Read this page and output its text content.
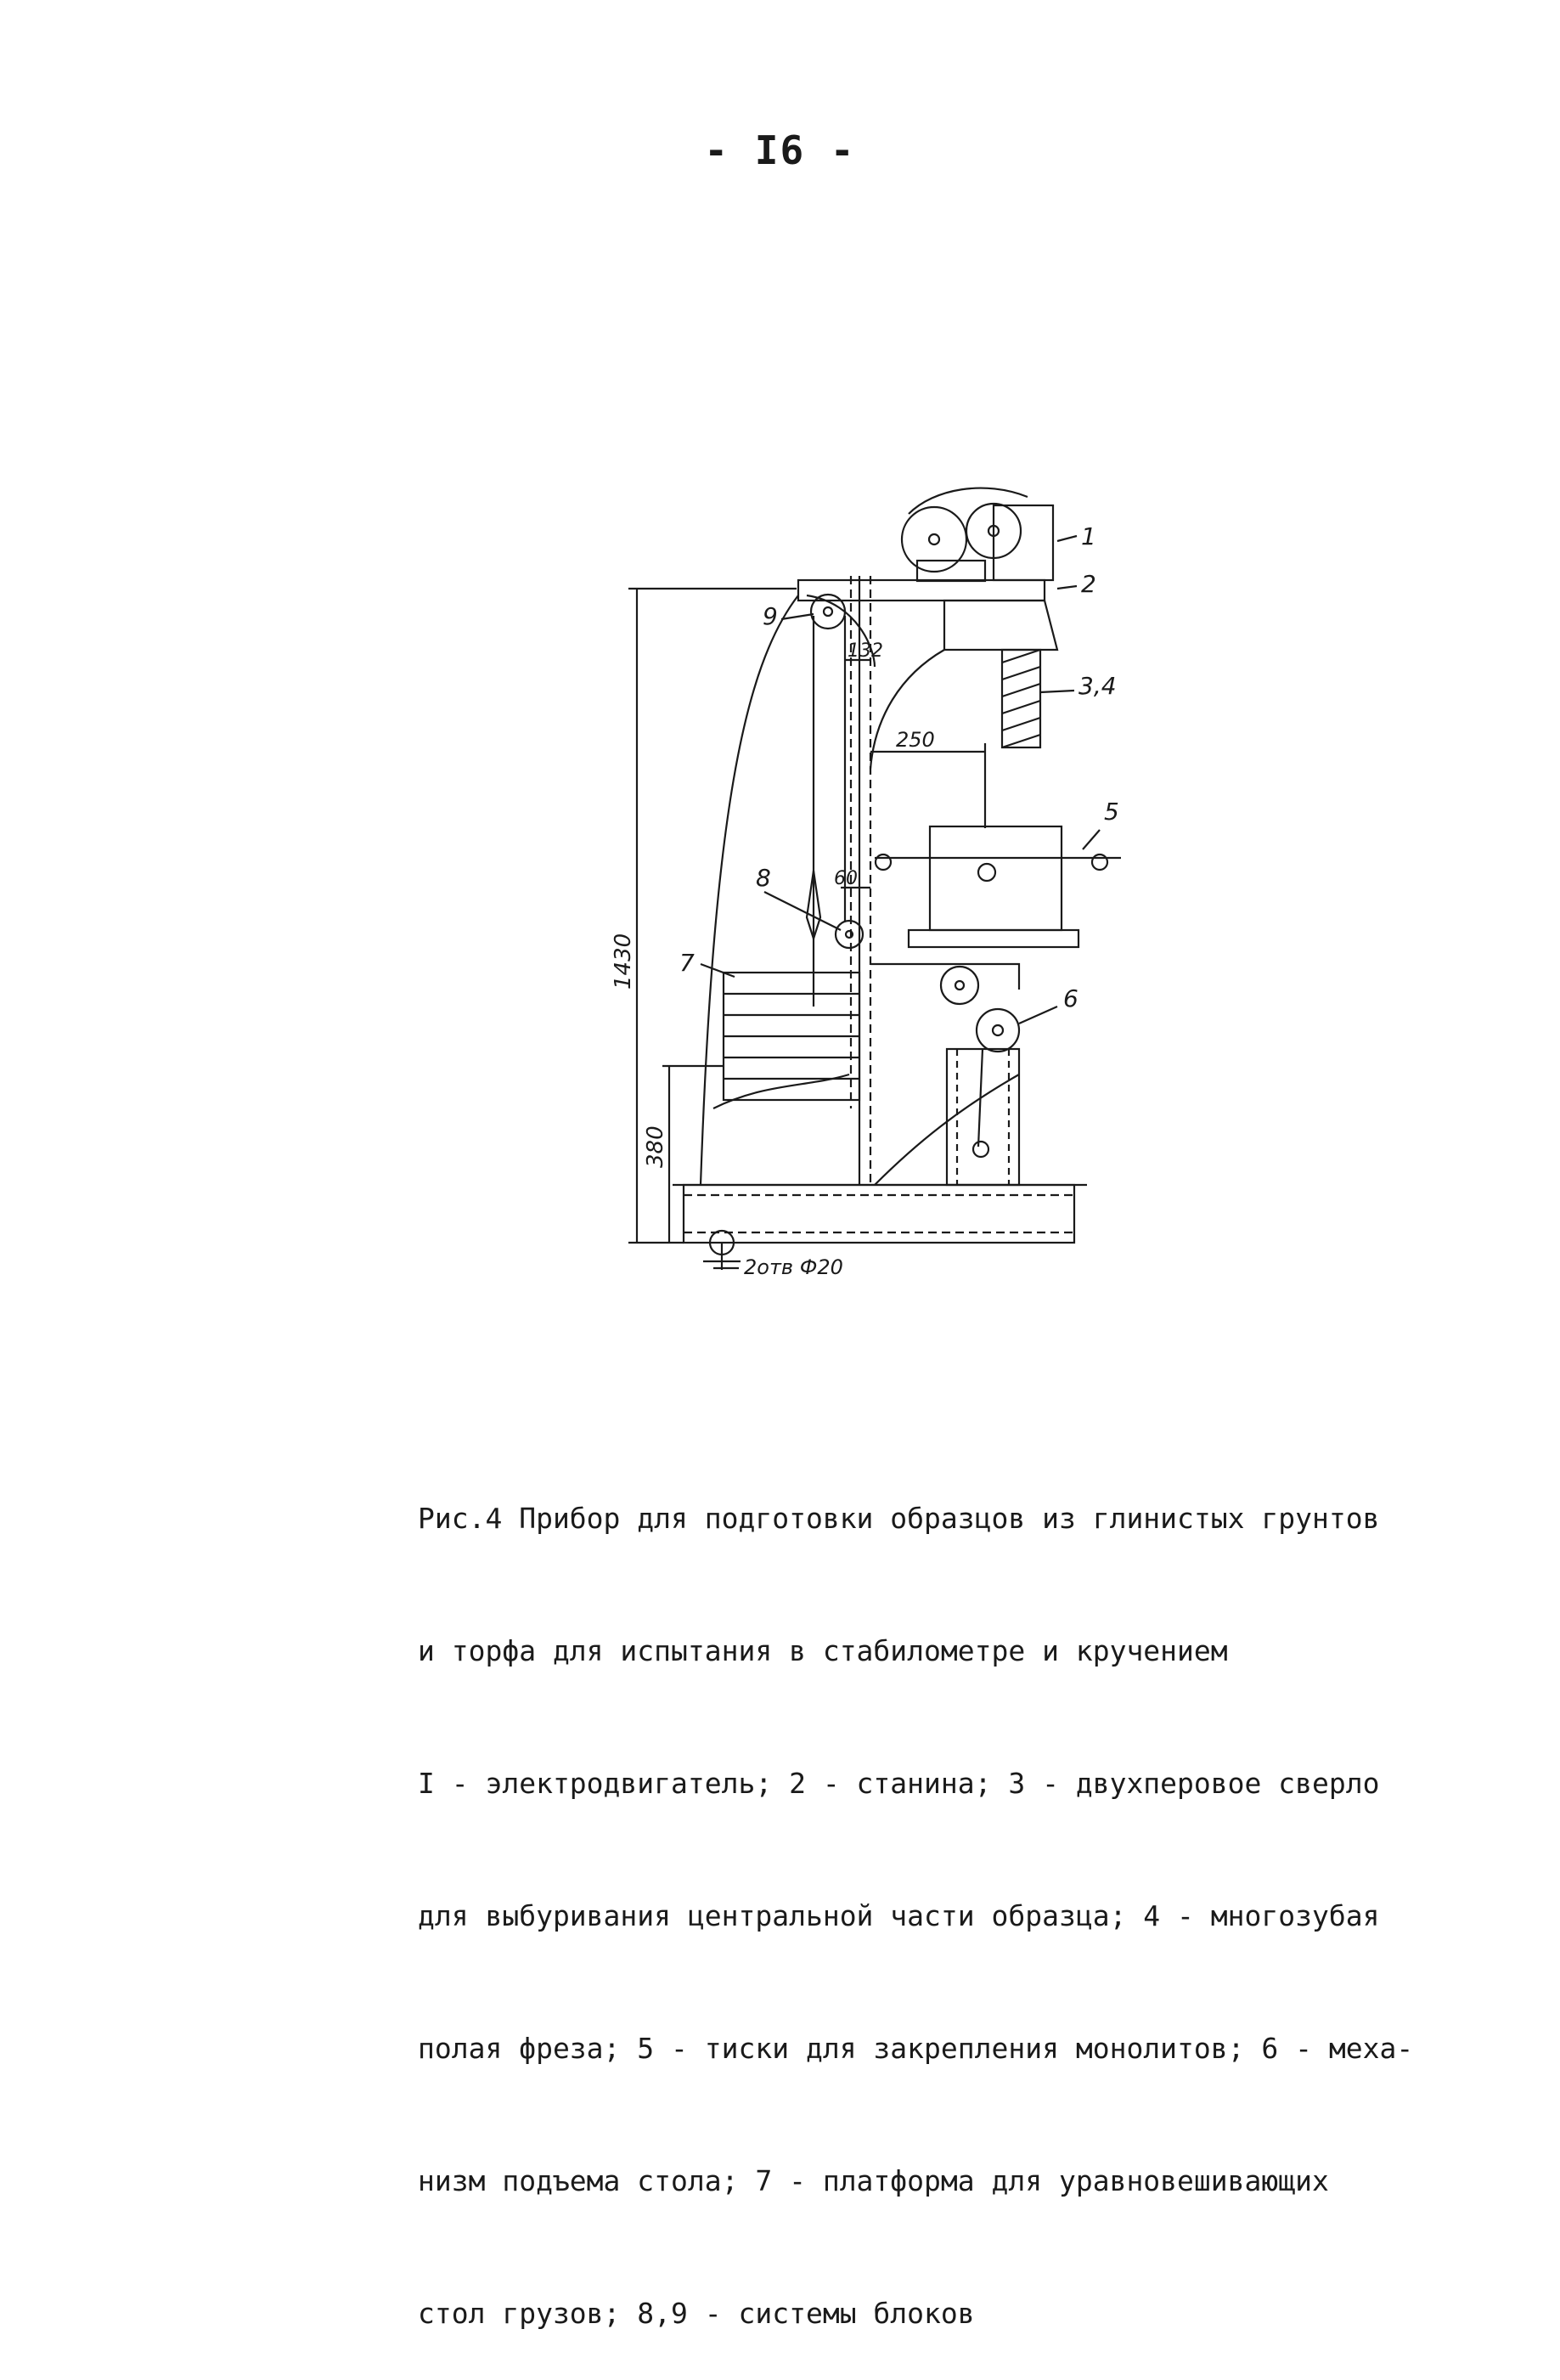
- I6 -
1
2
3,4
5
6
7
8
9
1430
380
132
250
60
2отв Ф20

Рис.4 Прибор для подготовки образцов из глинистых грунтов

и торфа для испытания в стабилометре и кручением

I - электродвигатель; 2 - станина; 3 - двухперовое сверло

для выбуривания центральной части образца; 4 - многозубая

полая фреза; 5 - тиски для закрепления монолитов; 6 - меха-

низм подъема стола; 7 - платформа для уравновешивающих

стол грузов; 8,9 - системы блоков
